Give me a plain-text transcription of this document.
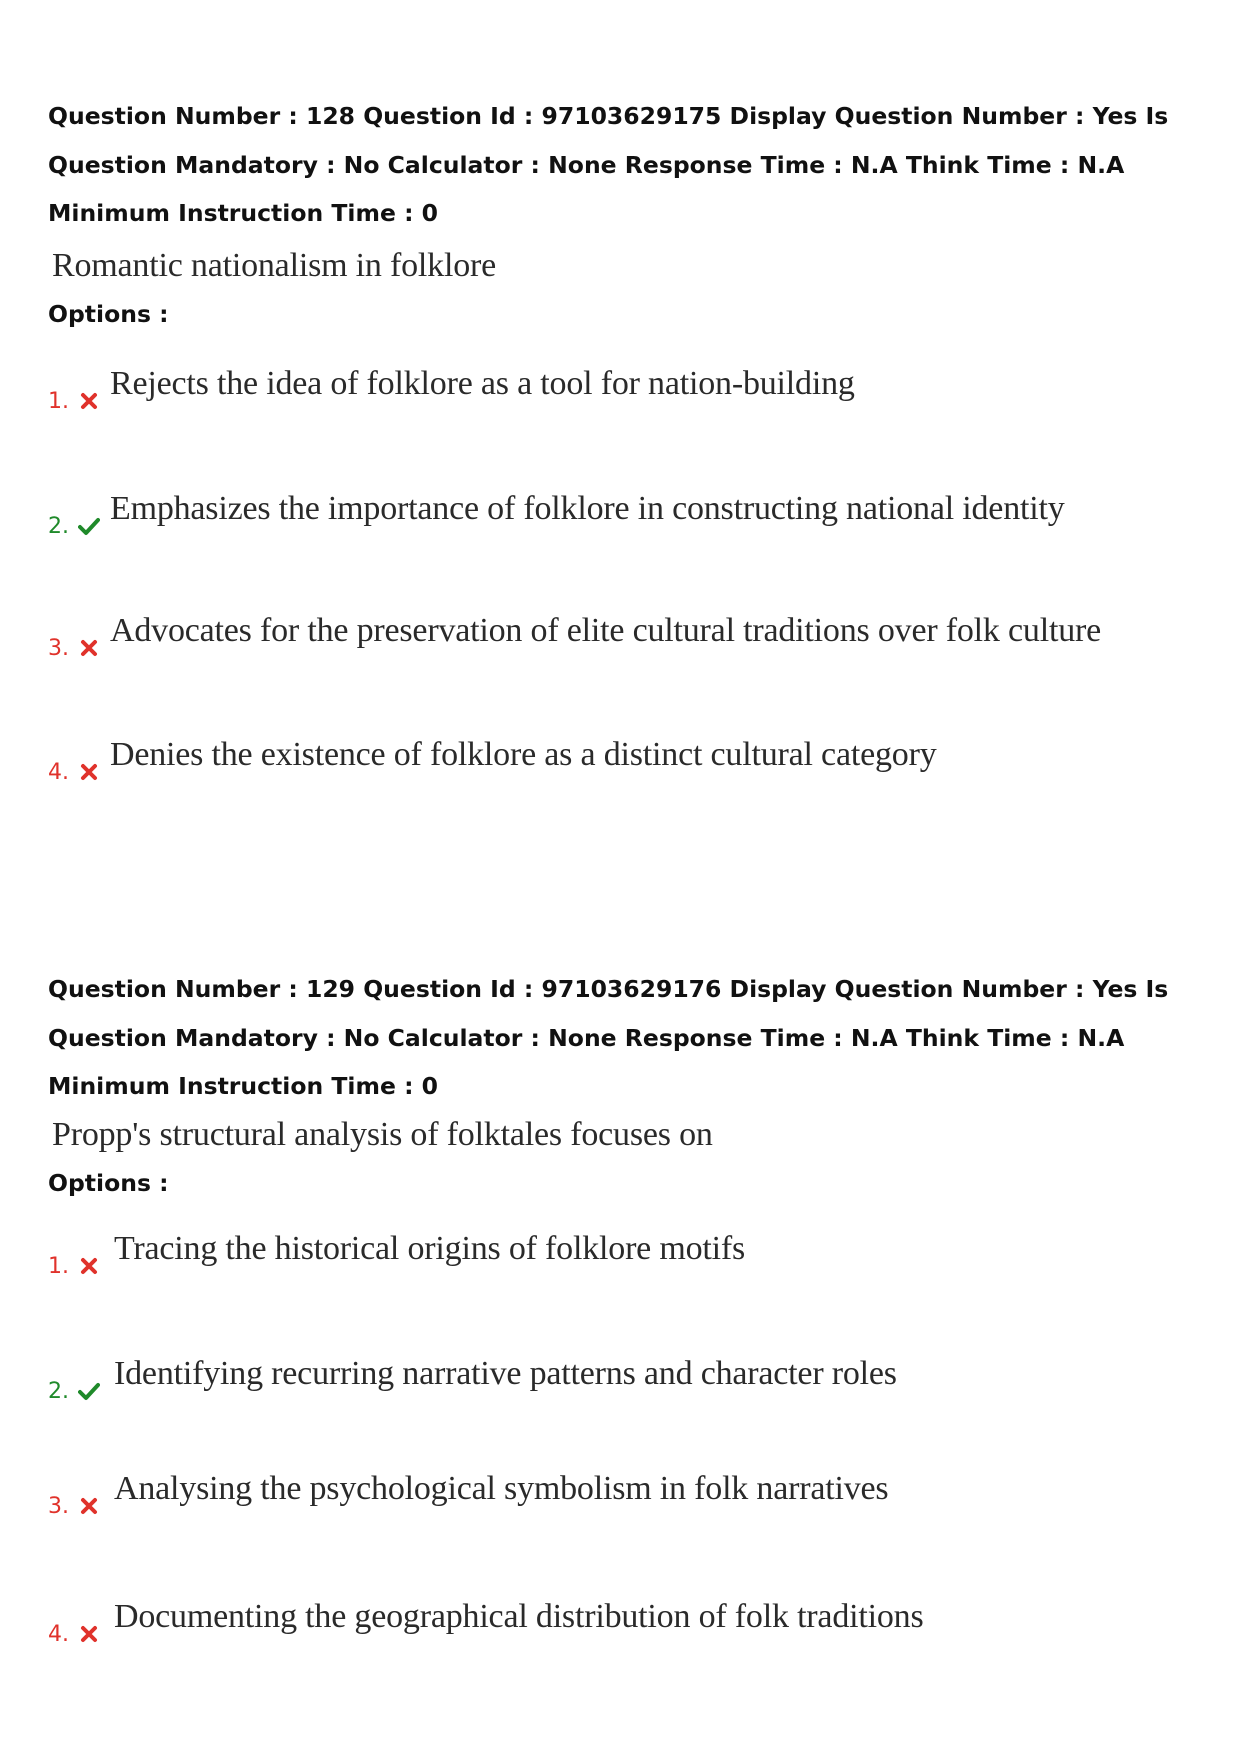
Question Number : 128 Question Id : 97103629175 Display Question Number : Yes Is Question Mandatory : No Calculator : None Response Time : N.A Think Time : N.A Minimum Instruction Time : 0

Romantic nationalism in folklore
Options :
1. Rejects the idea of folklore as a tool for nation-building
2. Emphasizes the importance of folklore in constructing national identity
3. Advocates for the preservation of elite cultural traditions over folk culture
4. Denies the existence of folklore as a distinct cultural category

Question Number : 129 Question Id : 97103629176 Display Question Number : Yes Is Question Mandatory : No Calculator : None Response Time : N.A Think Time : N.A Minimum Instruction Time : 0

Propp's structural analysis of folktales focuses on
Options :
1. Tracing the historical origins of folklore motifs
2. Identifying recurring narrative patterns and character roles
3. Analysing the psychological symbolism in folk narratives
4. Documenting the geographical distribution of folk traditions
